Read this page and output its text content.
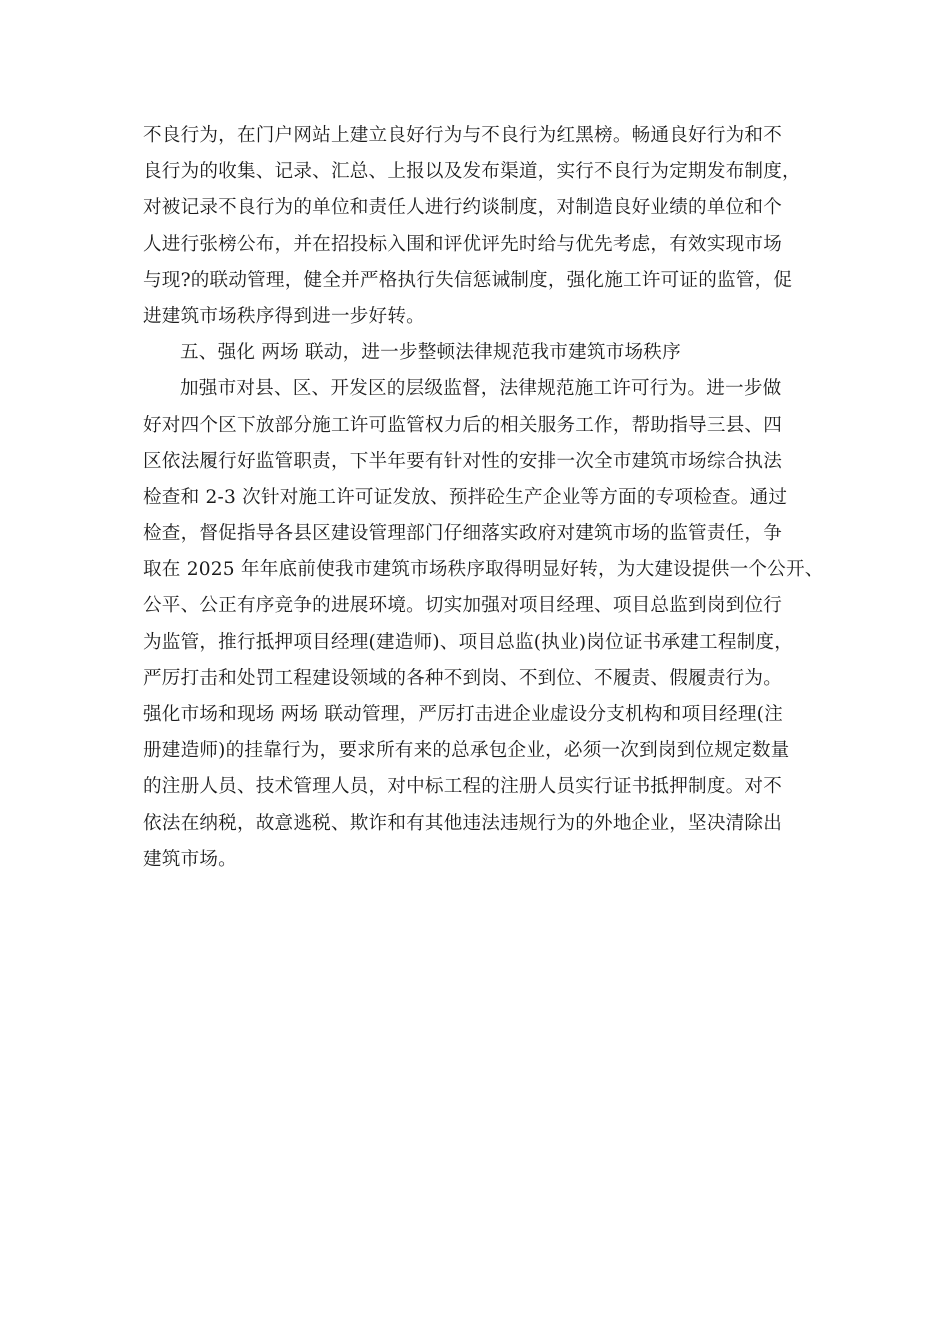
不良行为，在门户网站上建立良好行为与不良行为红黑榜。畅通良好行为和不
良行为的收集、记录、汇总、上报以及发布渠道，实行不良行为定期发布制度，
对被记录不良行为的单位和责任人进行约谈制度，对制造良好业绩的单位和个
人进行张榜公布，并在招投标入围和评优评先时给与优先考虑，有效实现市场
与现?的联动管理，健全并严格执行失信惩诫制度，强化施工许可证的监管，促
进建筑市场秩序得到进一步好转。
五、强化 两场 联动，进一步整顿法律规范我市建筑市场秩序
加强市对县、区、开发区的层级监督，法律规范施工许可行为。进一步做
好对四个区下放部分施工许可监管权力后的相关服务工作，帮助指导三县、四
区依法履行好监管职责，下半年要有针对性的安排一次全市建筑市场综合执法
检查和 2-3 次针对施工许可证发放、预拌砼生产企业等方面的专项检查。通过
检查，督促指导各县区建设管理部门仔细落实政府对建筑市场的监管责任，争
取在 2025 年年底前使我市建筑市场秩序取得明显好转，为大建设提供一个公开、
公平、公正有序竞争的进展环境。切实加强对项目经理、项目总监到岗到位行
为监管，推行抵押项目经理(建造师)、项目总监(执业)岗位证书承建工程制度，
严厉打击和处罚工程建设领域的各种不到岗、不到位、不履责、假履责行为。
强化市场和现场 两场 联动管理，严厉打击进企业虚设分支机构和项目经理(注
册建造师)的挂靠行为，要求所有来的总承包企业，必须一次到岗到位规定数量
的注册人员、技术管理人员，对中标工程的注册人员实行证书抵押制度。对不
依法在纳税，故意逃税、欺诈和有其他违法违规行为的外地企业，坚决清除出
建筑市场。
